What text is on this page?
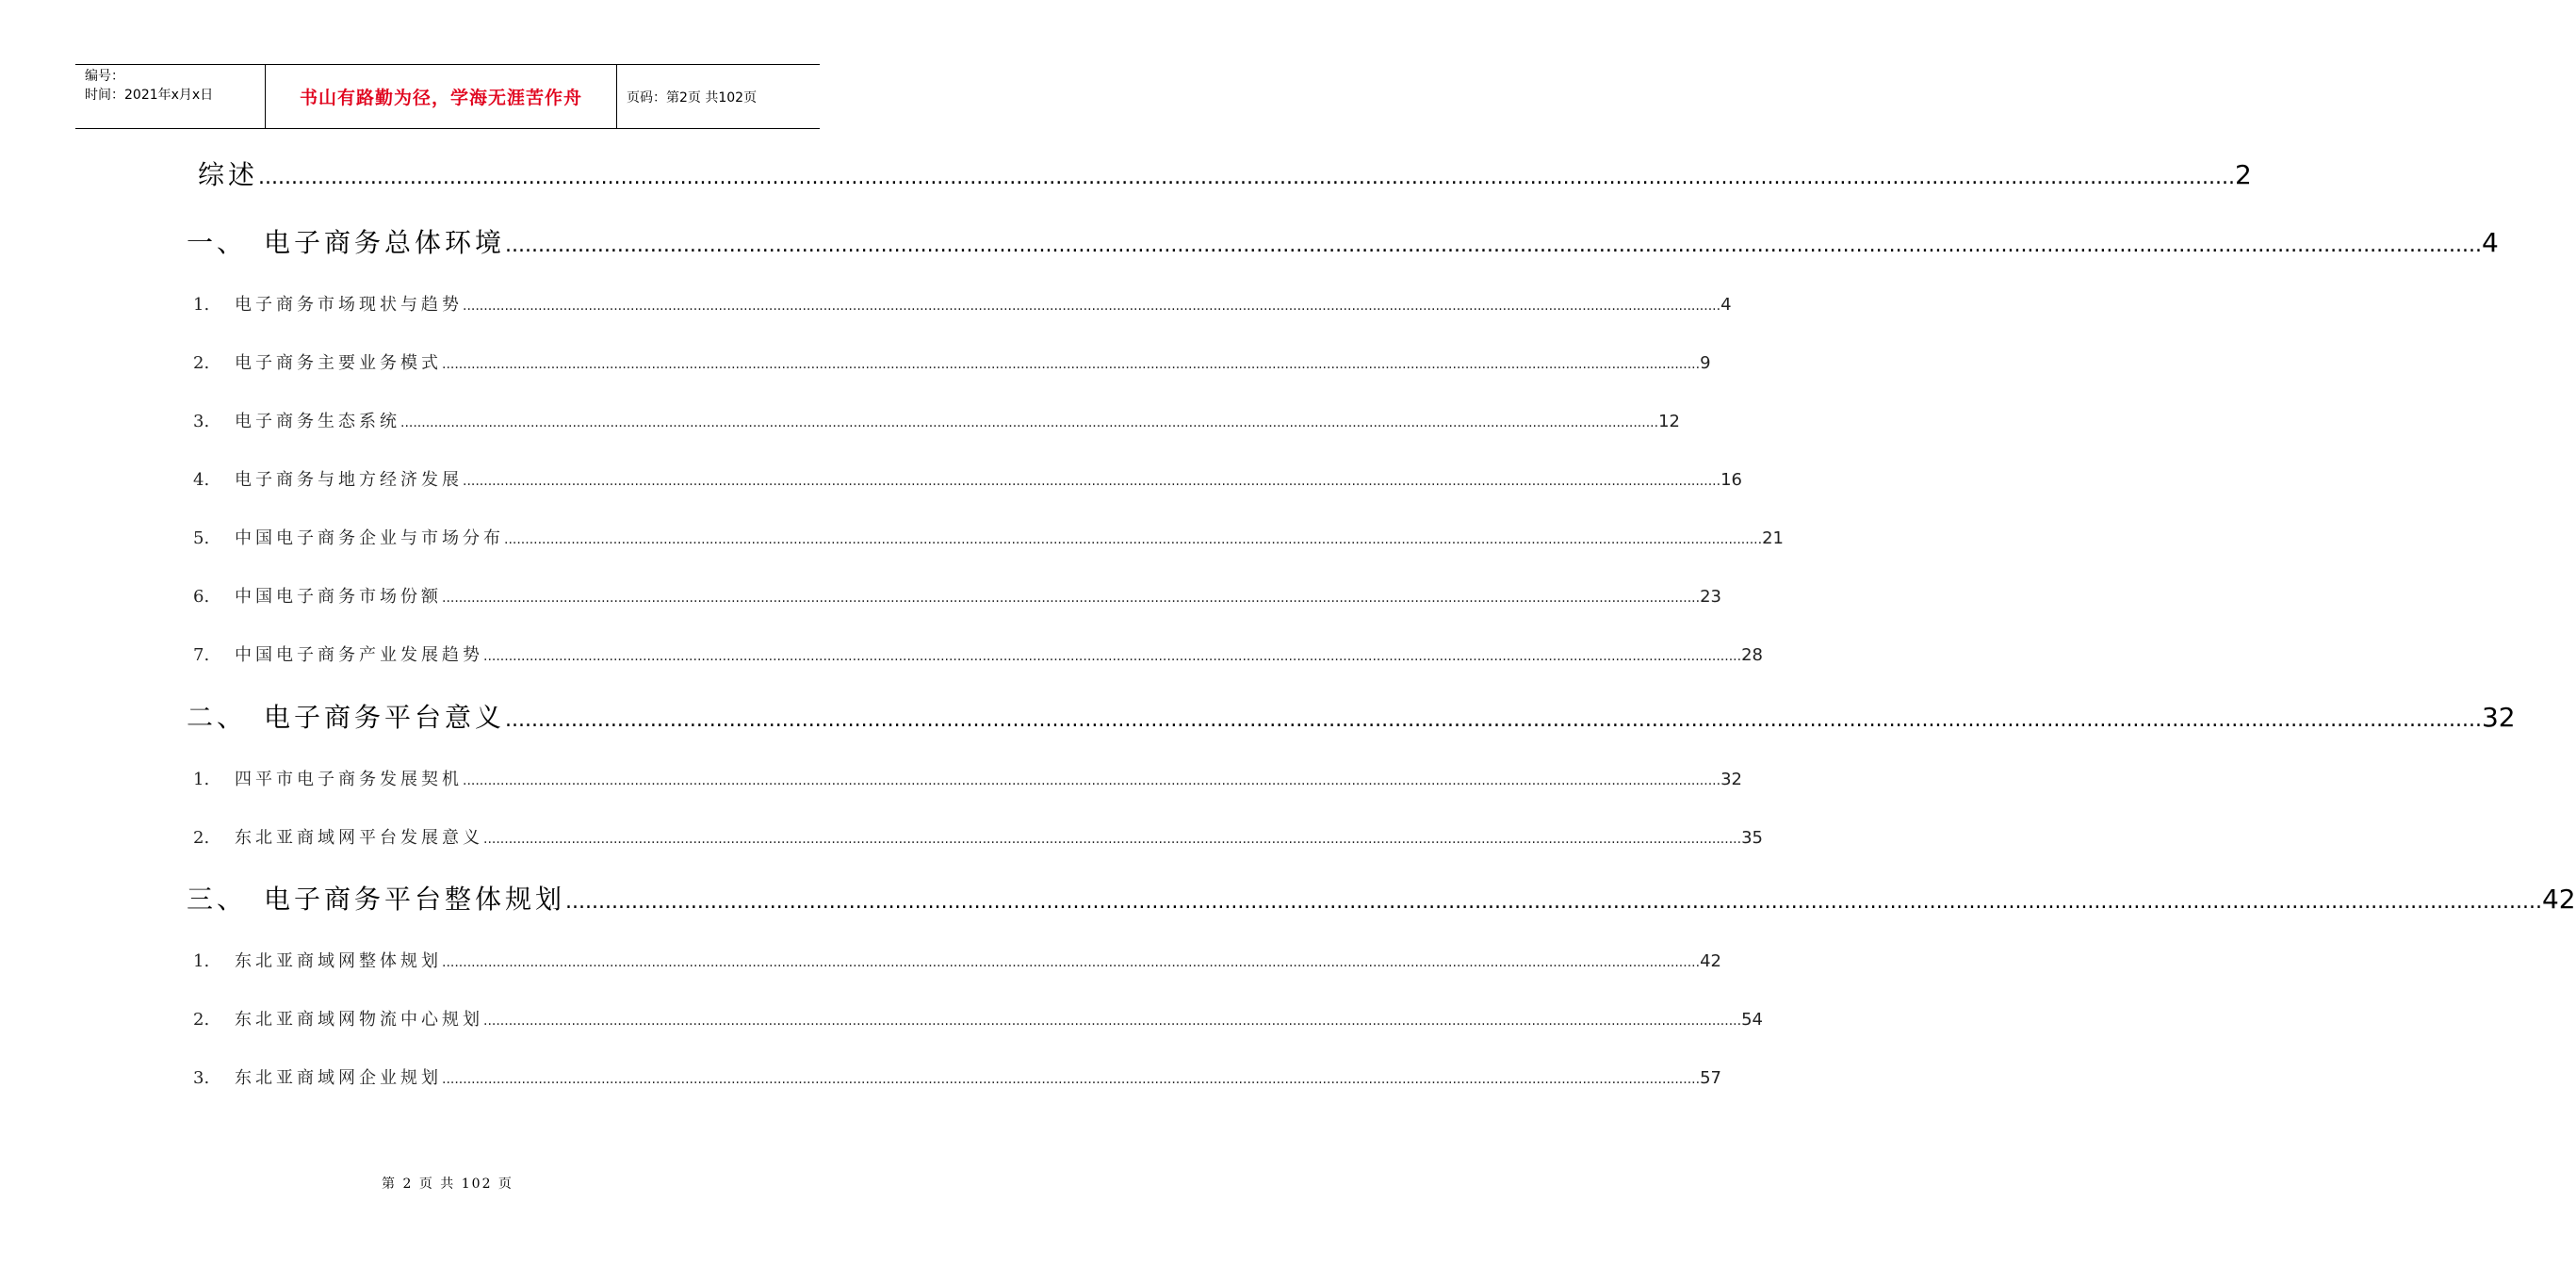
编号：
时间：2021年x月x日	书山有路勤为径，学海无涯苦作舟	页码：第2页 共102页
综述 ............................................................................................................................................................................................................................................................................................................ 2
一、 电子商务总体环境 ............................................................................................................................................................................................................................................................................................................ 4
1. 电子商务市场现状与趋势 ............................................................................................................................................................................................................................................................................................................ 4
2. 电子商务主要业务模式 ............................................................................................................................................................................................................................................................................................................ 9
3. 电子商务生态系统 ............................................................................................................................................................................................................................................................................................................ 12
4. 电子商务与地方经济发展 ............................................................................................................................................................................................................................................................................................................ 16
5. 中国电子商务企业与市场分布 ............................................................................................................................................................................................................................................................................................................ 21
6. 中国电子商务市场份额 ............................................................................................................................................................................................................................................................................................................ 23
7. 中国电子商务产业发展趋势 ............................................................................................................................................................................................................................................................................................................ 28
二、 电子商务平台意义 ............................................................................................................................................................................................................................................................................................................ 32
1. 四平市电子商务发展契机 ............................................................................................................................................................................................................................................................................................................ 32
2. 东北亚商域网平台发展意义 ............................................................................................................................................................................................................................................................................................................ 35
三、 电子商务平台整体规划 ............................................................................................................................................................................................................................................................................................................ 42
1. 东北亚商域网整体规划 ............................................................................................................................................................................................................................................................................................................ 42
2. 东北亚商域网物流中心规划 ............................................................................................................................................................................................................................................................................................................ 54
3. 东北亚商域网企业规划 ............................................................................................................................................................................................................................................................................................................ 57
第 2 页 共 102 页
